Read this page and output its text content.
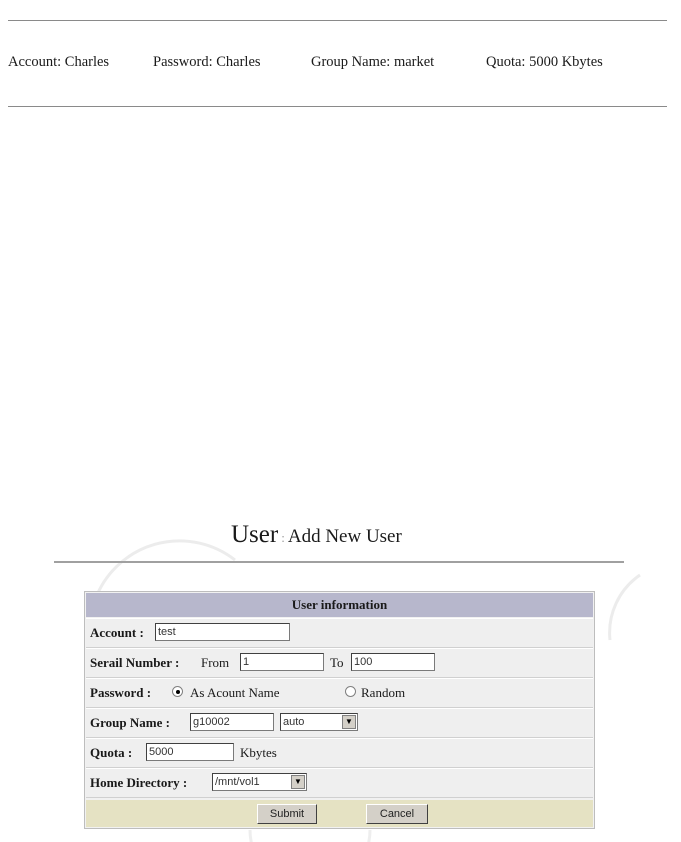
Account: Charles	Password: Charles	Group Name: market	Quota: 5000 Kbytes
User : Add New User
User information
Account : test
Serail Number : From 1	To 100
Password :	As Acount Name	Random
Group Name : g10002	auto	▼
Quota : 5000	Kbytes
Home Directory :	/mnt/vol1	▼
Submit	Cancel
